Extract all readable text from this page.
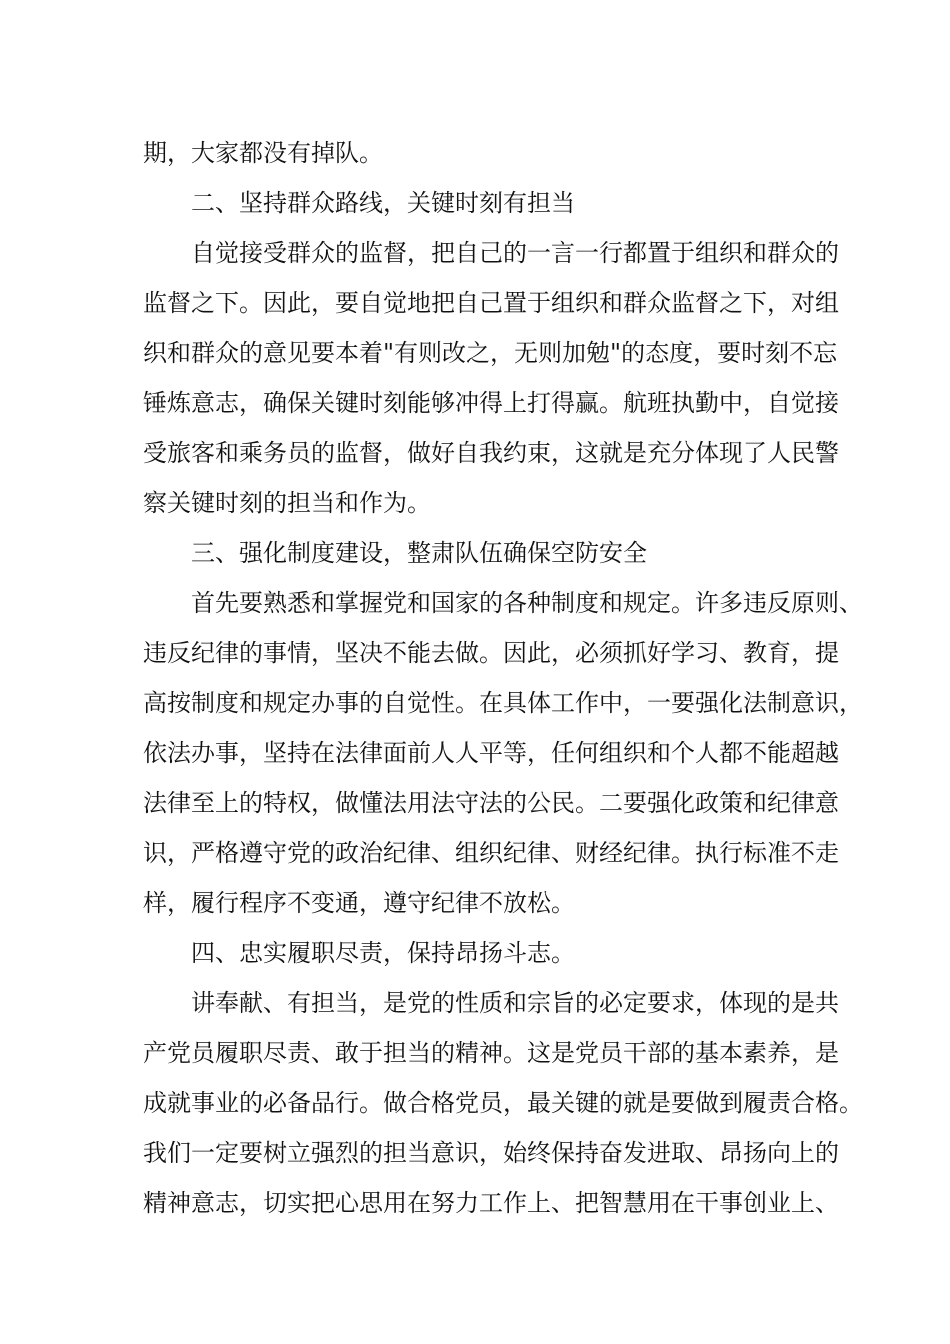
期，大家都没有掉队。
二、坚持群众路线，关键时刻有担当
自觉接受群众的监督，把自己的一言一行都置于组织和群众的
监督之下。因此，要自觉地把自己置于组织和群众监督之下，对组
织和群众的意见要本着"有则改之，无则加勉"的态度，要时刻不忘
锤炼意志，确保关键时刻能够冲得上打得赢。航班执勤中，自觉接
受旅客和乘务员的监督，做好自我约束，这就是充分体现了人民警
察关键时刻的担当和作为。
三、强化制度建设，整肃队伍确保空防安全
首先要熟悉和掌握党和国家的各种制度和规定。许多违反原则、
违反纪律的事情，坚决不能去做。因此，必须抓好学习、教育，提
高按制度和规定办事的自觉性。在具体工作中，一要强化法制意识，
依法办事，坚持在法律面前人人平等，任何组织和个人都不能超越
法律至上的特权，做懂法用法守法的公民。二要强化政策和纪律意
识，严格遵守党的政治纪律、组织纪律、财经纪律。执行标准不走
样，履行程序不变通，遵守纪律不放松。
四、忠实履职尽责，保持昂扬斗志。
讲奉献、有担当，是党的性质和宗旨的必定要求，体现的是共
产党员履职尽责、敢于担当的精神。这是党员干部的基本素养，是
成就事业的必备品行。做合格党员，最关键的就是要做到履责合格。
我们一定要树立强烈的担当意识，始终保持奋发进取、昂扬向上的
精神意志，切实把心思用在努力工作上、把智慧用在干事创业上、
